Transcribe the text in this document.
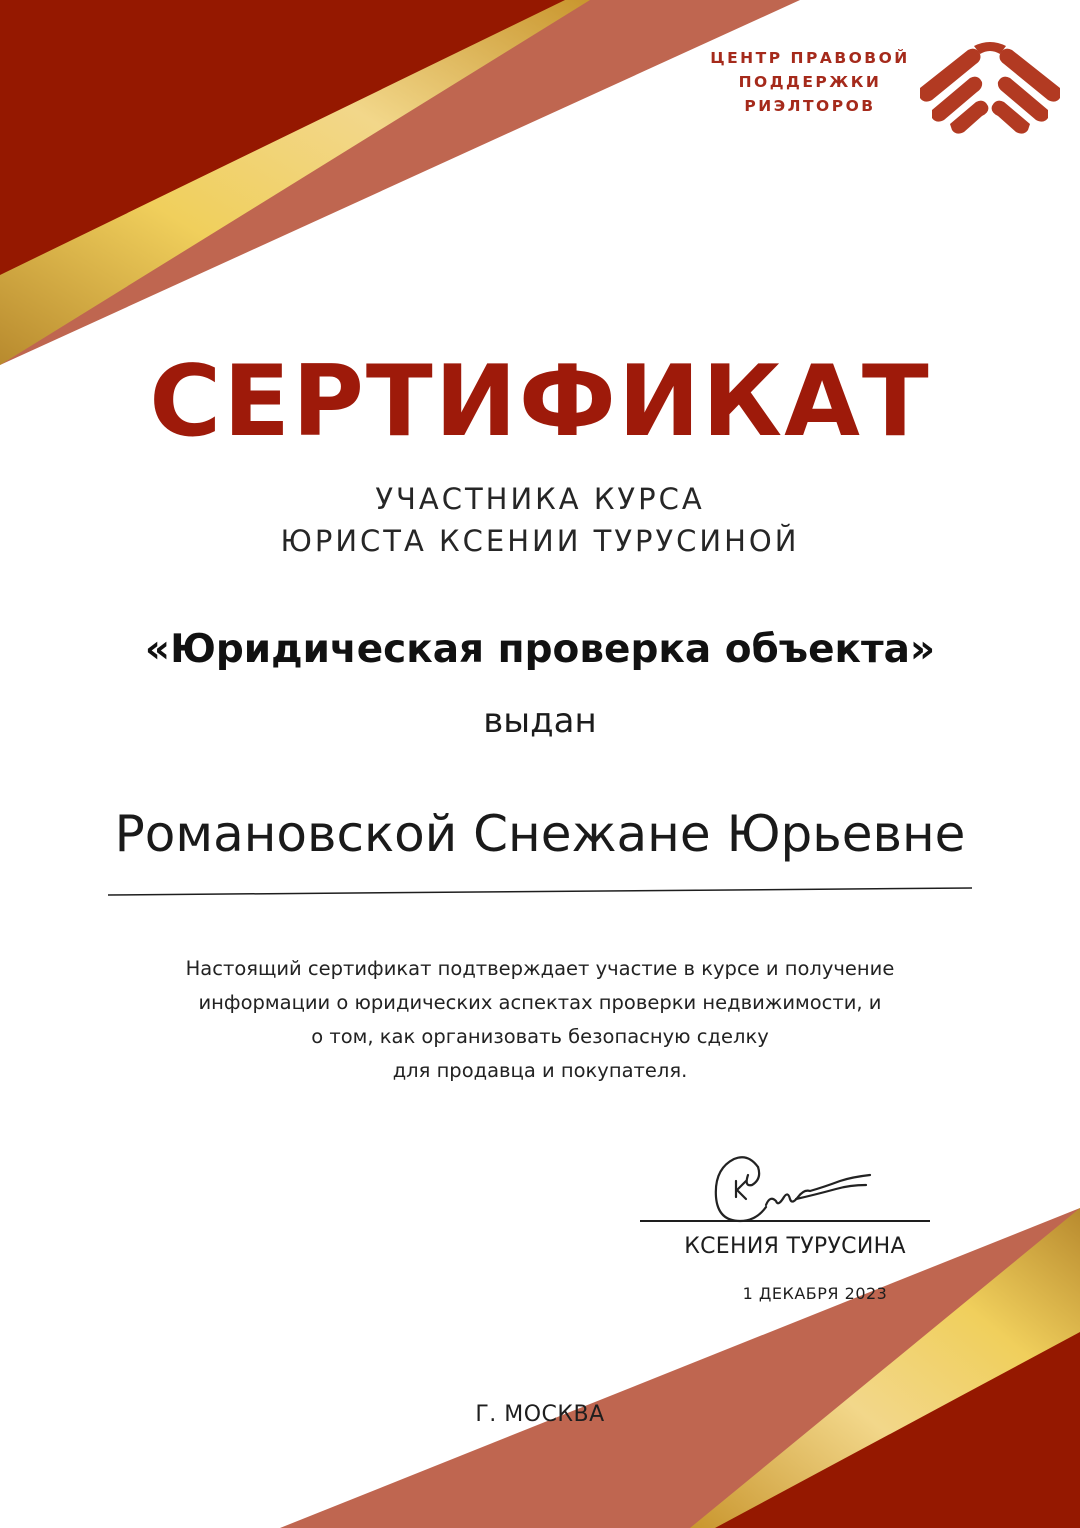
ЦЕНТР ПРАВОВОЙ
ПОДДЕРЖКИ
РИЭЛТОРОВ
СЕРТИФИКАТ
УЧАСТНИКА КУРСА
ЮРИСТА КСЕНИИ ТУРУСИНОЙ
«Юридическая проверка объекта»
выдан
Романовской Снежане Юрьевне
Настоящий сертификат подтверждает участие в курсе и получение
информации о юридических аспектах проверки недвижимости, и
о том, как организовать безопасную сделку
для продавца и покупателя.
КСЕНИЯ ТУРУСИНА
1 ДЕКАБРЯ 2023
Г. МОСКВА
